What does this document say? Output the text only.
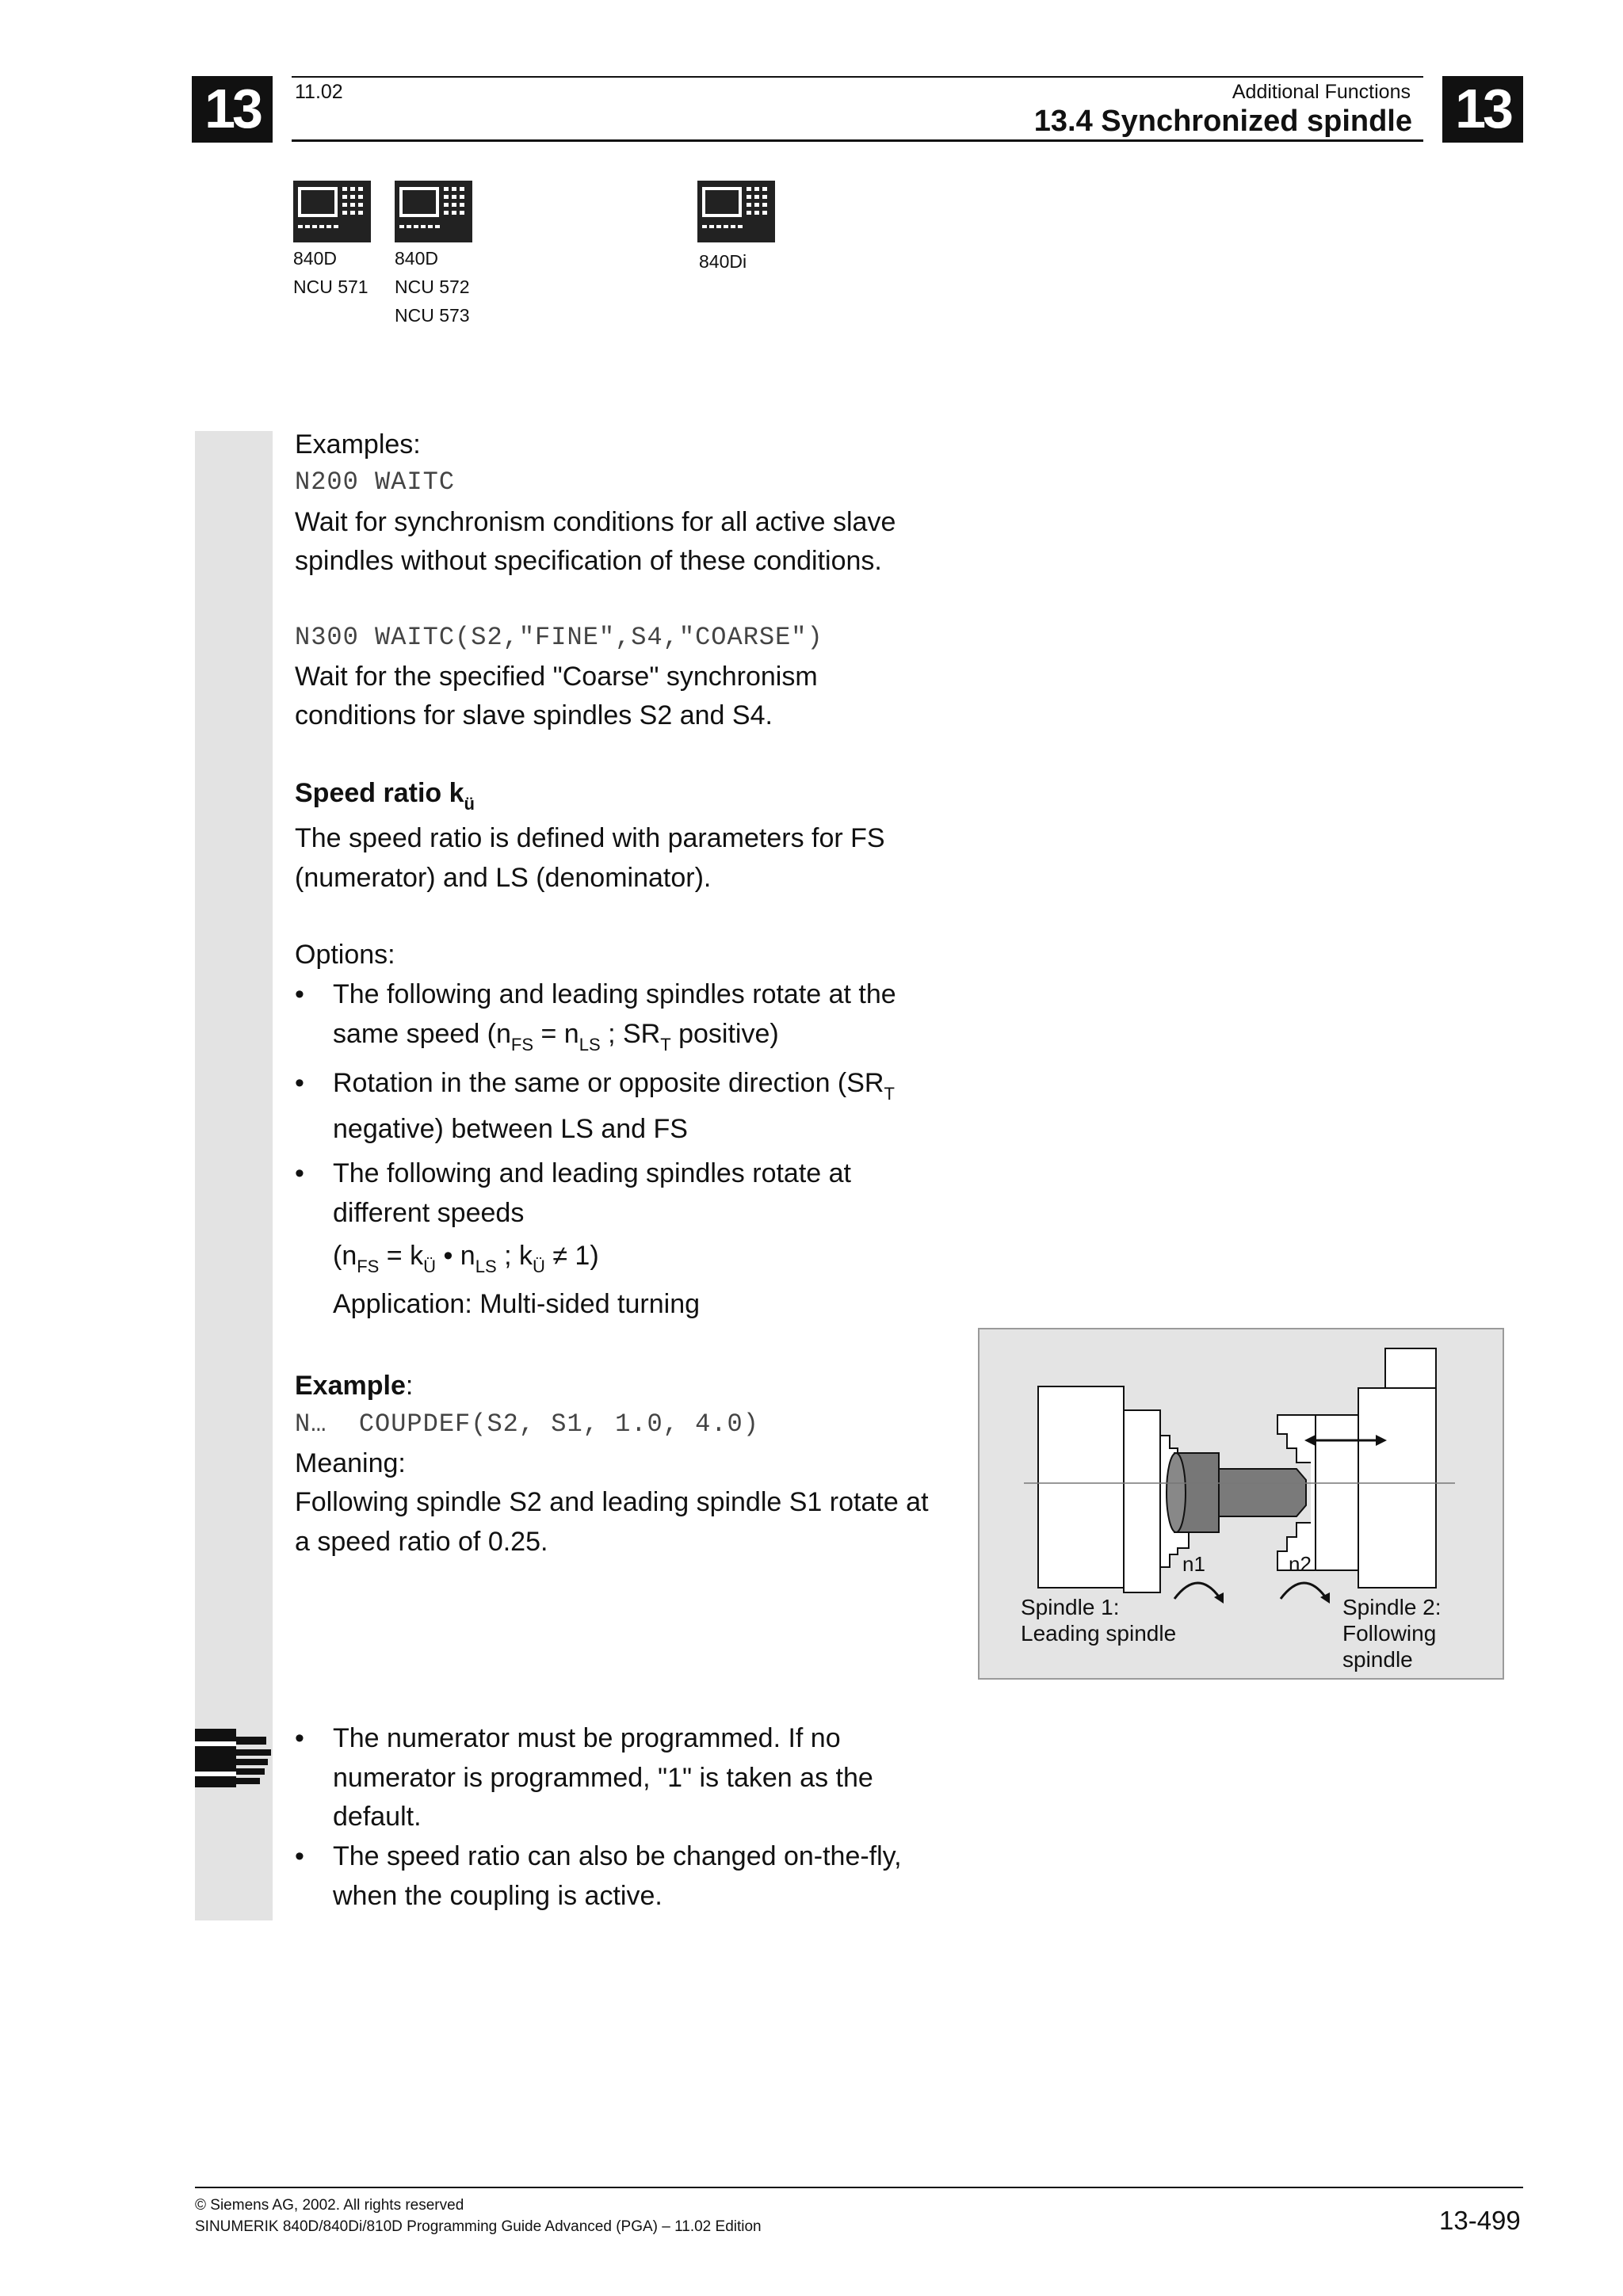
13	13
11.02	Additional Functions
13.4 Synchronized spindle
840D
NCU 571
840D
NCU 572
NCU 573
840Di
Examples:
N200 WAITC
Wait for synchronism conditions for all active slave
spindles without specification of these conditions.
N300 WAITC(S2,"FINE",S4,"COARSE")
Wait for the specified "Coarse" synchronism
conditions for slave spindles S2 and S4.
Speed ratio $k_ü$
The speed ratio is defined with parameters for FS
(numerator) and LS (denominator).
Options:
• The following and leading spindles rotate at the
same speed ($n_{FS} = n_{LS}$ ; $SR_T$ positive)
• Rotation in the same or opposite direction ($SR_T$
negative) between LS and FS
• The following and leading spindles rotate at
different speeds
($n_{FS} = k_Ü$ • $n_{LS}$ ; $k_Ü \ne 1$)
Application: Multi-sided turning
Example:
N…  COUPDEF(S2, S1, 1.0, 4.0)
Meaning:
Following spindle S2 and leading spindle S1 rotate at
a speed ratio of 0.25.
• The numerator must be programmed. If no
numerator is programmed, "1" is taken as the
default.
• The speed ratio can also be changed on-the-fly,
when the coupling is active.
n1	n2
Spindle 1:
Leading spindle
Spindle 2:
Following
spindle
© Siemens AG, 2002. All rights reserved
SINUMERIK 840D/840Di/810D Programming Guide Advanced (PGA) – 11.02 Edition	13-499
